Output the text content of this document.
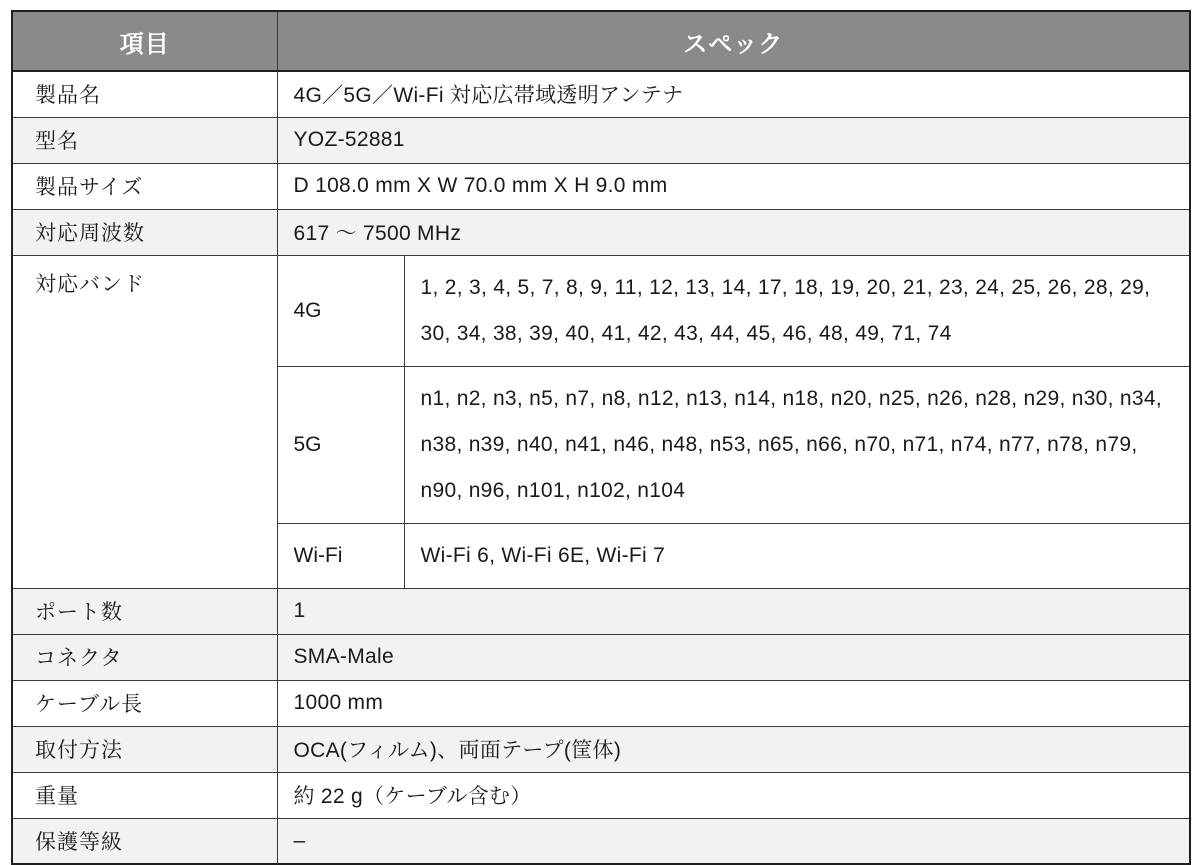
項目	スペック	
製品名	4G／5G／Wi-Fi 対応広帯域透明アンテナ	
型名	YOZ-52881	
製品サイズ	D 108.0 mm X W 70.0 mm X H 9.0 mm	
対応周波数	617 ～ 7500 MHz	
対応バンド	4G	1, 2, 3, 4, 5, 7, 8, 9, 11, 12, 13, 14, 17, 18, 19, 20, 21, 23, 24, 25, 26, 28, 29, 30, 34, 38, 39, 40, 41, 42, 43, 44, 45, 46, 48, 49, 71, 74
	5G	n1, n2, n3, n5, n7, n8, n12, n13, n14, n18, n20, n25, n26, n28, n29, n30, n34, n38, n39, n40, n41, n46, n48, n53, n65, n66, n70, n71, n74, n77, n78, n79, n90, n96, n101, n102, n104
	Wi-Fi	Wi-Fi 6, Wi-Fi 6E, Wi-Fi 7
ポート数	1	
コネクタ	SMA-Male	
ケーブル長	1000 mm	
取付方法	OCA(フィルム)、両面テープ(筐体)	
重量	約 22 g（ケーブル含む）	
保護等級	–	
